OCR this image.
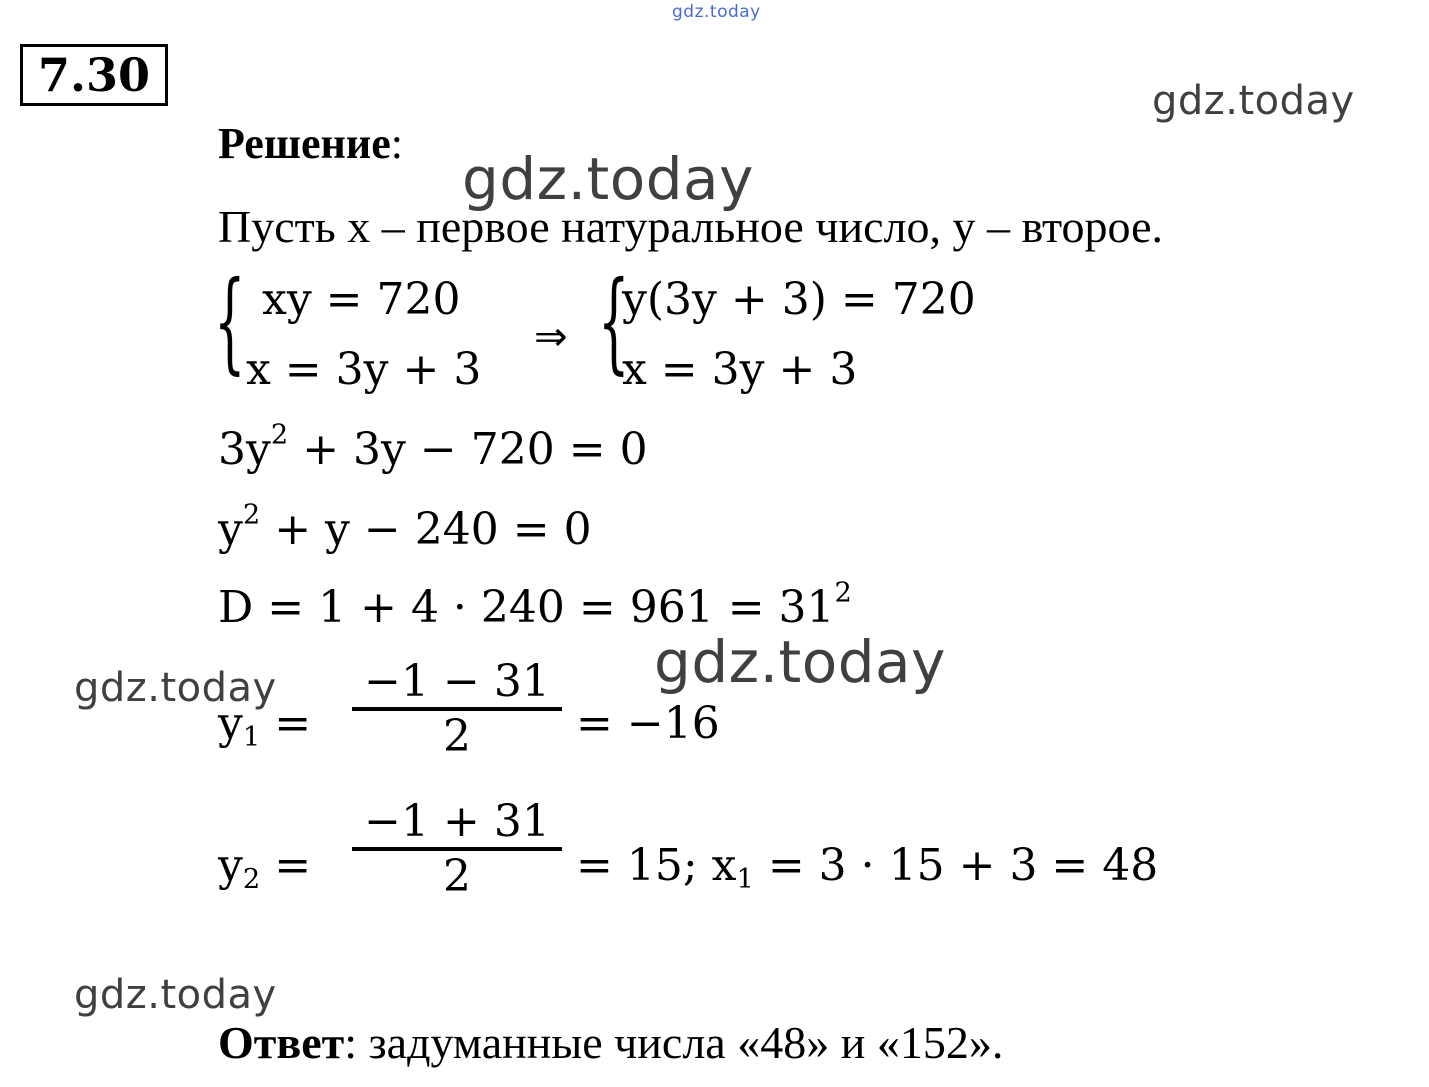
gdz.today
gdz.today
gdz.today
gdz.today
gdz.today
gdz.today
7.30
Решение:
Пусть x – первое натуральное число, y – второе.
{ xy = 720
x = 3y + 3
⇒ {
y(3y + 3) = 720
x = 3y + 3
$3y^2 + 3y - 720 = 0$
$y^2 + y - 240 = 0$
$D = 1 + 4 \cdot 240 = 961 = 31^2$
$y_1$ =
−1 − 31
2	= −16
$y_2$ =
−1 + 31
2	= 15; $x_1 = 3 \cdot 15 + 3 = 48$
Ответ: задуманные числа «48» и «152».
